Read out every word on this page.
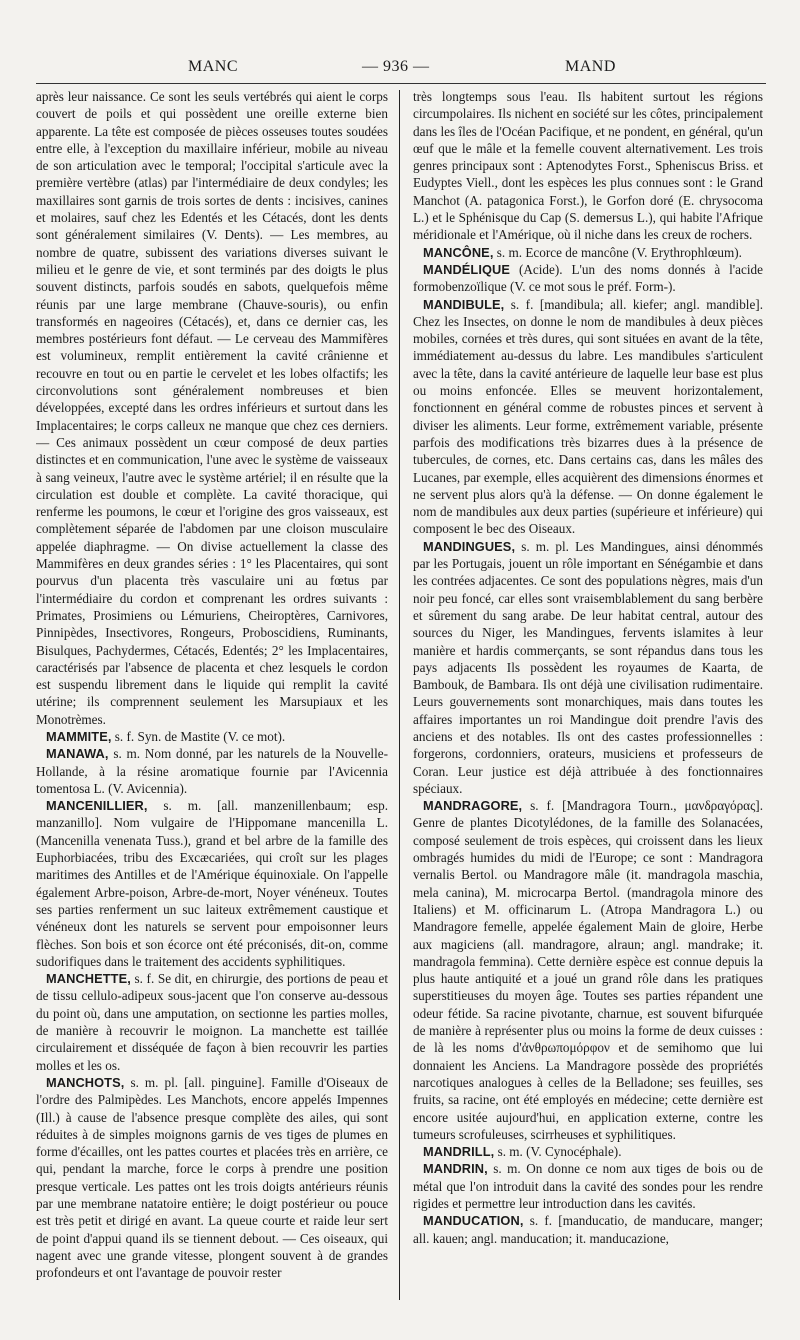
MANC	— 936 —	MAND

après leur naissance. Ce sont les seuls vertébrés qui aient le corps couvert de poils et qui possèdent une oreille externe bien apparente. La tête est composée de pièces osseuses toutes soudées entre elle, à l'exception du maxillaire inférieur, mobile au niveau de son articulation avec le temporal; l'occipital s'articule avec la première vertèbre (atlas) par l'intermédiaire de deux condyles; les maxillaires sont garnis de trois sortes de dents : incisives, canines et molaires, sauf chez les Edentés et les Cétacés, dont les dents sont généralement similaires (V. Dents). — Les membres, au nombre de quatre, subissent des variations diverses suivant le milieu et le genre de vie, et sont terminés par des doigts le plus souvent distincts, parfois soudés en sabots, quelquefois même réunis par une large membrane (Chauve-souris), ou enfin transformés en nageoires (Cétacés), et, dans ce dernier cas, les membres postérieurs font défaut. — Le cerveau des Mammifères est volumineux, remplit entièrement la cavité crânienne et recouvre en tout ou en partie le cervelet et les lobes olfactifs; les circonvolutions sont généralement nombreuses et bien développées, excepté dans les ordres inférieurs et surtout dans les Implacentaires; le corps calleux ne manque que chez ces derniers. — Ces animaux possèdent un cœur composé de deux parties distinctes et en communication, l'une avec le système de vaisseaux à sang veineux, l'autre avec le système artériel; il en résulte que la circulation est double et complète. La cavité thoracique, qui renferme les poumons, le cœur et l'origine des gros vaisseaux, est complètement séparée de l'abdomen par une cloison musculaire appelée diaphragme. — On divise actuellement la classe des Mammifères en deux grandes séries : 1° les Placentaires, qui sont pourvus d'un placenta très vasculaire uni au fœtus par l'intermédiaire du cordon et comprenant les ordres suivants : Primates, Prosimiens ou Lémuriens, Cheiroptères, Carnivores, Pinnipèdes, Insectivores, Rongeurs, Proboscidiens, Ruminants, Bisulques, Pachydermes, Cétacés, Edentés; 2° les Implacentaires, caractérisés par l'absence de placenta et chez lesquels le cordon est suspendu librement dans le liquide qui remplit la cavité utérine; ils comprennent seulement les Marsupiaux et les Monotrèmes.

MAMMITE, s. f. Syn. de Mastite (V. ce mot).

MANAWA, s. m. Nom donné, par les naturels de la Nouvelle-Hollande, à la résine aromatique fournie par l'Avicennia tomentosa L. (V. Avicennia).

MANCENILLIER, s. m. [all. manzenillenbaum; esp. manzanillo]. Nom vulgaire de l'Hippomane mancenilla L. (Mancenilla venenata Tuss.), grand et bel arbre de la famille des Euphorbiacées, tribu des Excæcariées, qui croît sur les plages maritimes des Antilles et de l'Amérique équinoxiale. On l'appelle également Arbre-poison, Arbre-de-mort, Noyer vénéneux. Toutes ses parties renferment un suc laiteux extrêmement caustique et vénéneux dont les naturels se servent pour empoisonner leurs flèches. Son bois et son écorce ont été préconisés, dit-on, comme sudorifiques dans le traitement des accidents syphilitiques.

MANCHETTE, s. f. Se dit, en chirurgie, des portions de peau et de tissu cellulo-adipeux sous-jacent que l'on conserve au-dessous du point où, dans une amputation, on sectionne les parties molles, de manière à recouvrir le moignon. La manchette est taillée circulairement et disséquée de façon à bien recouvrir les parties molles et les os.

MANCHOTS, s. m. pl. [all. pinguine]. Famille d'Oiseaux de l'ordre des Palmipèdes. Les Manchots, encore appelés Impennes (Ill.) à cause de l'absence presque complète des ailes, qui sont réduites à de simples moignons garnis de ves tiges de plumes en forme d'écailles, ont les pattes courtes et placées très en arrière, ce qui, pendant la marche, force le corps à prendre une position presque verticale. Les pattes ont les trois doigts antérieurs réunis par une membrane natatoire entière; le doigt postérieur ou pouce est très petit et dirigé en avant. La queue courte et raide leur sert de point d'appui quand ils se tiennent debout. — Ces oiseaux, qui nagent avec une grande vitesse, plongent souvent à de grandes profondeurs et ont l'avantage de pouvoir rester

très longtemps sous l'eau. Ils habitent surtout les régions circumpolaires. Ils nichent en société sur les côtes, principalement dans les îles de l'Océan Pacifique, et ne pondent, en général, qu'un œuf que le mâle et la femelle couvent alternativement. Les trois genres principaux sont : Aptenodytes Forst., Spheniscus Briss. et Eudyptes Viell., dont les espèces les plus connues sont : le Grand Manchot (A. patagonica Forst.), le Gorfon doré (E. chrysocoma L.) et le Sphénisque du Cap (S. demersus L.), qui habite l'Afrique méridionale et l'Amérique, où il niche dans les creux de rochers.

MANCÔNE, s. m. Ecorce de mancône (V. Erythrophlœum).

MANDÉLIQUE (Acide). L'un des noms donnés à l'acide formobenzoïlique (V. ce mot sous le préf. Form-).

MANDIBULE, s. f. [mandibula; all. kiefer; angl. mandible]. Chez les Insectes, on donne le nom de mandibules à deux pièces mobiles, cornées et très dures, qui sont situées en avant de la tête, immédiatement au-dessus du labre. Les mandibules s'articulent avec la tête, dans la cavité antérieure de laquelle leur base est plus ou moins enfoncée. Elles se meuvent horizontalement, fonctionnent en général comme de robustes pinces et servent à diviser les aliments. Leur forme, extrêmement variable, présente parfois des modifications très bizarres dues à la présence de tubercules, de cornes, etc. Dans certains cas, dans les mâles des Lucanes, par exemple, elles acquièrent des dimensions énormes et ne servent plus alors qu'à la défense. — On donne également le nom de mandibules aux deux parties (supérieure et inférieure) qui composent le bec des Oiseaux.

MANDINGUES, s. m. pl. Les Mandingues, ainsi dénommés par les Portugais, jouent un rôle important en Sénégambie et dans les contrées adjacentes. Ce sont des populations nègres, mais d'un noir peu foncé, car elles sont vraisemblablement du sang berbère et sûrement du sang arabe. De leur habitat central, autour des sources du Niger, les Mandingues, fervents islamites à leur manière et hardis commerçants, se sont répandus dans tous les pays adjacents Ils possèdent les royaumes de Kaarta, de Bambouk, de Bambara. Ils ont déjà une civilisation rudimentaire. Leurs gouvernements sont monarchiques, mais dans toutes les affaires importantes un roi Mandingue doit prendre l'avis des anciens et des notables. Ils ont des castes professionnelles : forgerons, cordonniers, orateurs, musiciens et professeurs de Coran. Leur justice est déjà attribuée à des fonctionnaires spéciaux.

MANDRAGORE, s. f. [Mandragora Tourn., μανδραγόρας]. Genre de plantes Dicotylédones, de la famille des Solanacées, composé seulement de trois espèces, qui croissent dans les lieux ombragés humides du midi de l'Europe; ce sont : Mandragora vernalis Bertol. ou Mandragore mâle (it. mandragola maschia, mela canina), M. microcarpa Bertol. (mandragola minore des Italiens) et M. officinarum L. (Atropa Mandragora L.) ou Mandragore femelle, appelée également Main de gloire, Herbe aux magiciens (all. mandragore, alraun; angl. mandrake; it. mandragola femmina). Cette dernière espèce est connue depuis la plus haute antiquité et a joué un grand rôle dans les pratiques superstitieuses du moyen âge. Toutes ses parties répandent une odeur fétide. Sa racine pivotante, charnue, est souvent bifurquée de manière à représenter plus ou moins la forme de deux cuisses : de là les noms d'ἀνθρωπομόρφον et de semihomo que lui donnaient les Anciens. La Mandragore possède des propriétés narcotiques analogues à celles de la Belladone; ses feuilles, ses fruits, sa racine, ont été employés en médecine; cette dernière est encore usitée aujourd'hui, en application externe, contre les tumeurs scrofuleuses, scirrheuses et syphilitiques.

MANDRILL, s. m. (V. Cynocéphale).

MANDRIN, s. m. On donne ce nom aux tiges de bois ou de métal que l'on introduit dans la cavité des sondes pour les rendre rigides et permettre leur introduction dans les cavités.

MANDUCATION, s. f. [manducatio, de manducare, manger; all. kauen; angl. manducation; it. manducazione,
